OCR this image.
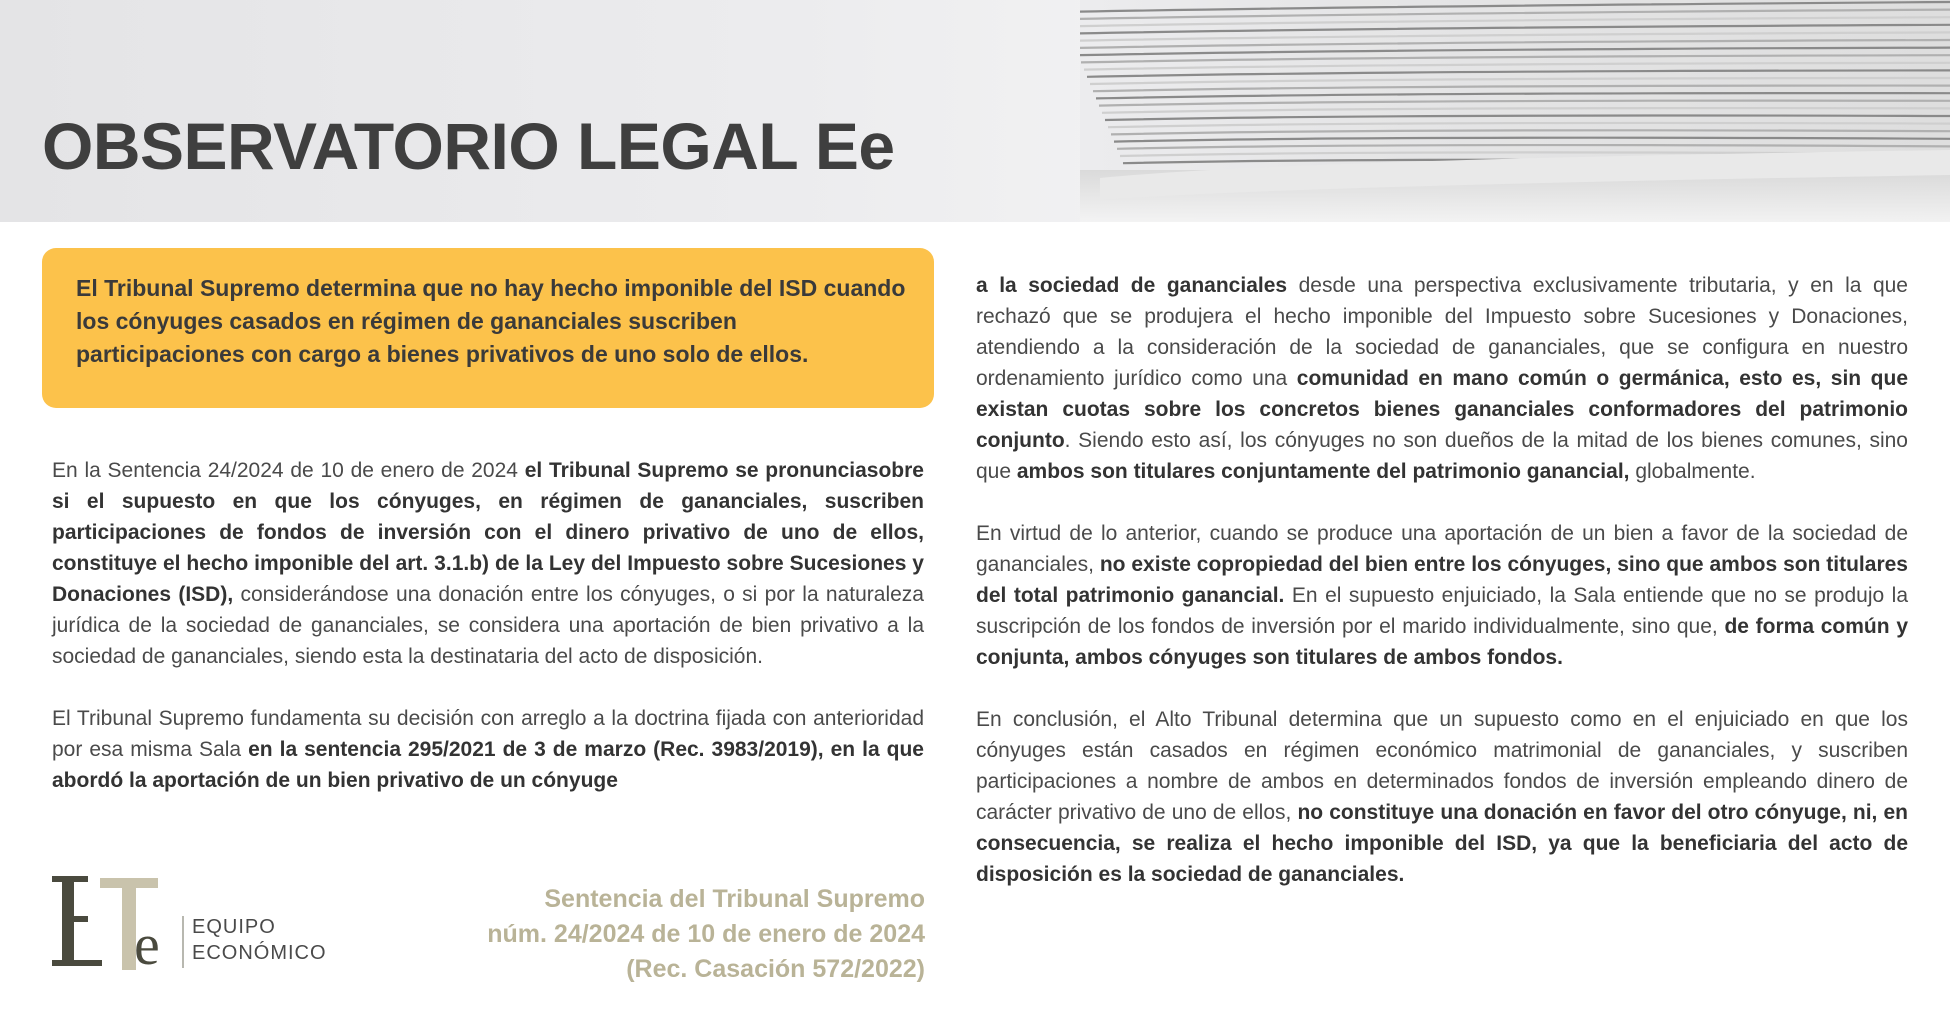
OBSERVATORIO LEGAL Ee

El Tribunal Supremo determina que no hay hecho imponible del ISD cuando los cónyuges casados en régimen de gananciales suscriben participaciones con cargo a bienes privativos de uno solo de ellos.

En la Sentencia 24/2024 de 10 de enero de 2024 el Tribunal Supremo se pronunciasobre si el supuesto en que los cónyuges, en régimen de gananciales, suscriben participaciones de fondos de inversión con el dinero privativo de uno de ellos, constituye el hecho imponible del art. 3.1.b) de la Ley del Impuesto sobre Sucesiones y Donaciones (ISD), considerándose una donación entre los cónyuges, o si por la naturaleza jurídica de la sociedad de gananciales, se considera una aportación de bien privativo a la sociedad de gananciales, siendo esta la destinataria del acto de disposición.

El Tribunal Supremo fundamenta su decisión con arreglo a la doctrina fijada con anterioridad por esa misma Sala en la sentencia 295/2021 de 3 de marzo (Rec. 3983/2019), en la que abordó la aportación de un bien privativo de un cónyuge

a la sociedad de gananciales desde una perspectiva exclusivamente tributaria, y en la que rechazó que se produjera el hecho imponible del Impuesto sobre Sucesiones y Donaciones, atendiendo a la consideración de la sociedad de gananciales, que se configura en nuestro ordenamiento jurídico como una comunidad en mano común o germánica, esto es, sin que existan cuotas sobre los concretos bienes gananciales conformadores del patrimonio conjunto. Siendo esto así, los cónyuges no son dueños de la mitad de los bienes comunes, sino que ambos son titulares conjuntamente del patrimonio ganancial, globalmente.

En virtud de lo anterior, cuando se produce una aportación de un bien a favor de la sociedad de gananciales, no existe copropiedad del bien entre los cónyuges, sino que ambos son titulares del total patrimonio ganancial. En el supuesto enjuiciado, la Sala entiende que no se produjo la suscripción de los fondos de inversión por el marido individualmente, sino que, de forma común y conjunta, ambos cónyuges son titulares de ambos fondos.

En conclusión, el Alto Tribunal determina que un supuesto como en el enjuiciado en que los cónyuges están casados en régimen económico matrimonial de gananciales, y suscriben participaciones a nombre de ambos en determinados fondos de inversión empleando dinero de carácter privativo de uno de ellos, no constituye una donación en favor del otro cónyuge, ni, en consecuencia, se realiza el hecho imponible del ISD, ya que la beneficiaria del acto de disposición es la sociedad de gananciales.

e EQUIPO
ECONÓMICO
Sentencia del Tribunal Supremo
núm. 24/2024 de 10 de enero de 2024
(Rec. Casación 572/2022)
